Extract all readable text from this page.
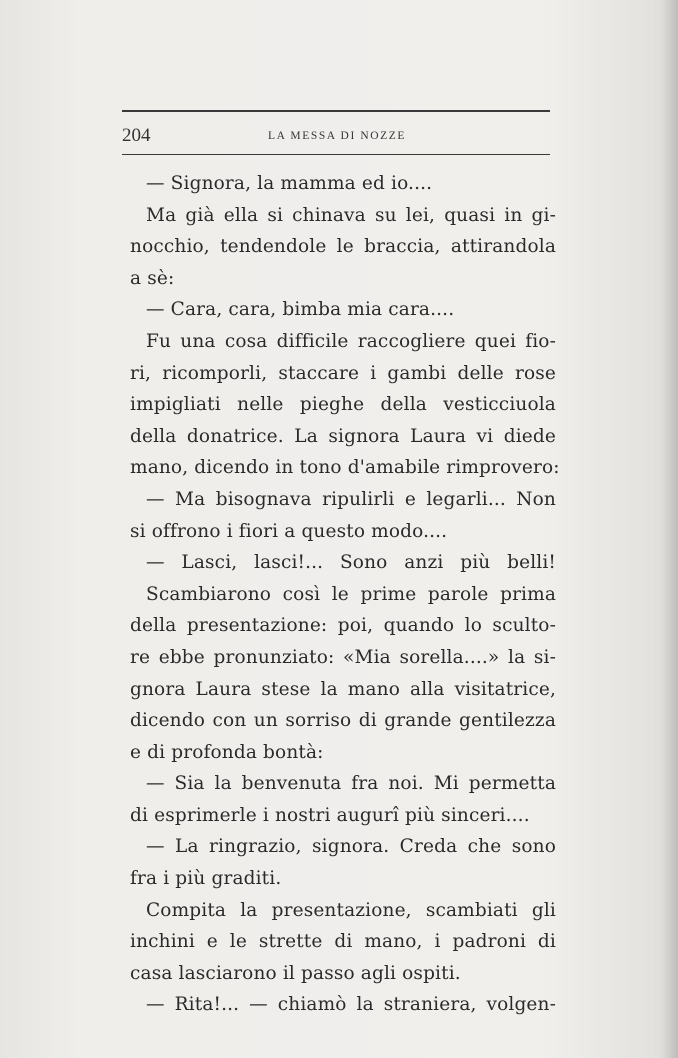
204	LA MESSA DI NOZZE
— Signora, la mamma ed io....
Ma già ella si chinava su lei, quasi in gi-
nocchio, tendendole le braccia, attirandola
a sè:
— Cara, cara, bimba mia cara....
Fu una cosa difficile raccogliere quei fio-
ri, ricomporli, staccare i gambi delle rose
impigliati nelle pieghe della vesticciuola
della donatrice. La signora Laura vi diede
mano, dicendo in tono d'amabile rimprovero:
— Ma bisognava ripulirli e legarli... Non
si offrono i fiori a questo modo....
— Lasci, lasci!... Sono anzi più belli!
Scambiarono così le prime parole prima
della presentazione: poi, quando lo sculto-
re ebbe pronunziato: «Mia sorella....» la si-
gnora Laura stese la mano alla visitatrice,
dicendo con un sorriso di grande gentilezza
e di profonda bontà:
— Sia la benvenuta fra noi. Mi permetta
di esprimerle i nostri augurî più sinceri....
— La ringrazio, signora. Creda che sono
fra i più graditi.
Compita la presentazione, scambiati gli
inchini e le strette di mano, i padroni di
casa lasciarono il passo agli ospiti.
— Rita!... — chiamò la straniera, volgen-
